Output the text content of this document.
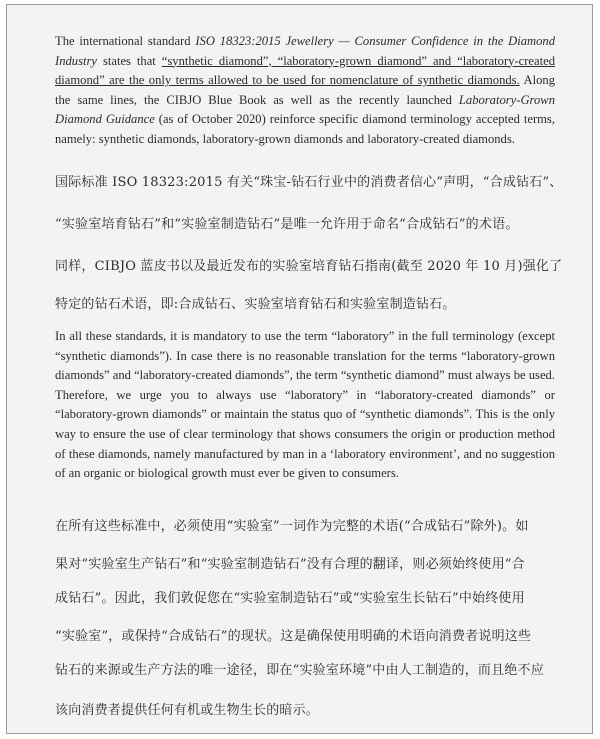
The international standard ISO 18323:2015 Jewellery — Consumer Confidence in the Diamond Industry states that “synthetic diamond”, “laboratory-grown diamond” and “laboratory-created diamond” are the only terms allowed to be used for nomenclature of synthetic diamonds. Along the same lines, the CIBJO Blue Book as well as the recently launched Laboratory-Grown Diamond Guidance (as of October 2020) reinforce specific diamond terminology accepted terms, namely: synthetic diamonds, laboratory-grown diamonds and laboratory-created diamonds.

国际标准 ISO 18323:2015 有关“珠宝-钻石行业中的消费者信心”声明，“合成钻石”、
“实验室培育钻石”和“实验室制造钻石”是唯一允许用于命名“合成钻石”的术语。
同样，CIBJO 蓝皮书以及最近发布的实验室培育钻石指南(截至 2020 年 10 月)强化了
特定的钻石术语，即:合成钻石、实验室培育钻石和实验室制造钻石。

In all these standards, it is mandatory to use the term “laboratory” in the full terminology (except “synthetic diamonds”). In case there is no reasonable translation for the terms “laboratory-grown diamonds” and “laboratory-created diamonds”, the term “synthetic diamond” must always be used. Therefore, we urge you to always use “laboratory” in “laboratory-created diamonds” or “laboratory-grown diamonds” or maintain the status quo of “synthetic diamonds”. This is the only way to ensure the use of clear terminology that shows consumers the origin or production method of these diamonds, namely manufactured by man in a ‘laboratory environment’, and no suggestion of an organic or biological growth must ever be given to consumers.

在所有这些标准中，必须使用“实验室”一词作为完整的术语(“合成钻石”除外)。如
果对“实验室生产钻石”和“实验室制造钻石”没有合理的翻译，则必须始终使用“合
成钻石”。因此，我们敦促您在“实验室制造钻石”或“实验室生长钻石”中始终使用
“实验室”，或保持“合成钻石”的现状。这是确保使用明确的术语向消费者说明这些
钻石的来源或生产方法的唯一途径，即在“实验室环境”中由人工制造的，而且绝不应
该向消费者提供任何有机或生物生长的暗示。
